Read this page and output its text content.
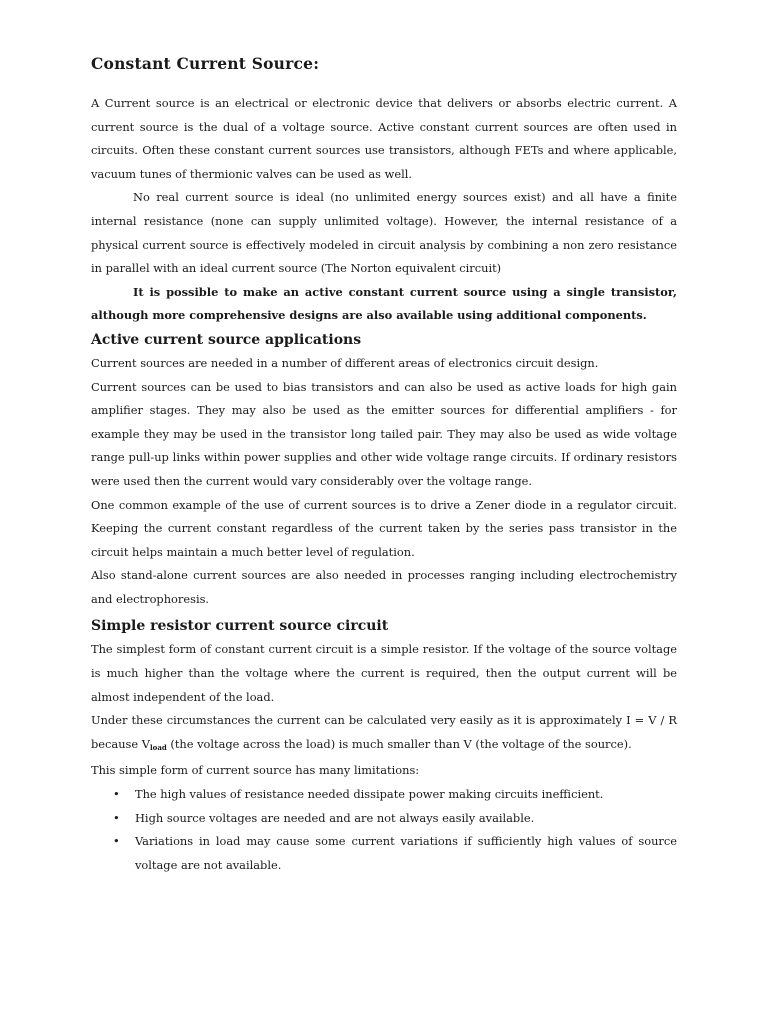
Constant Current Source:

A Current source is an electrical or electronic device that delivers or absorbs electric current. A current source is the dual of a voltage source. Active constant current sources are often used in circuits. Often these constant current sources use transistors, although FETs and where applicable, vacuum tunes of thermionic valves can be used as well.

No real current source is ideal (no unlimited energy sources exist) and all have a finite internal resistance (none can supply unlimited voltage). However, the internal resistance of a physical current source is effectively modeled in circuit analysis by combining a non zero resistance in parallel with an ideal current source (The Norton equivalent circuit)

It is possible to make an active constant current source using a single transistor, although more comprehensive designs are also available using additional components.

Active current source applications

Current sources are needed in a number of different areas of electronics circuit design.

Current sources can be used to bias transistors and can also be used as active loads for high gain amplifier stages. They may also be used as the emitter sources for differential amplifiers - for example they may be used in the transistor long tailed pair. They may also be used as wide voltage range pull-up links within power supplies and other wide voltage range circuits. If ordinary resistors were used then the current would vary considerably over the voltage range.

One common example of the use of current sources is to drive a Zener diode in a regulator circuit. Keeping the current constant regardless of the current taken by the series pass transistor in the circuit helps maintain a much better level of regulation.

Also stand-alone current sources are also needed in processes ranging including electrochemistry and electrophoresis.

Simple resistor current source circuit

The simplest form of constant current circuit is a simple resistor. If the voltage of the source voltage is much higher than the voltage where the current is required, then the output current will be almost independent of the load.

Under these circumstances the current can be calculated very easily as it is approximately I = V / R because $V_{load}$ (the voltage across the load) is much smaller than V (the voltage of the source).

This simple form of current source has many limitations:

• The high values of resistance needed dissipate power making circuits inefficient.
• High source voltages are needed and are not always easily available.
• Variations in load may cause some current variations if sufficiently high values of source voltage are not available.
